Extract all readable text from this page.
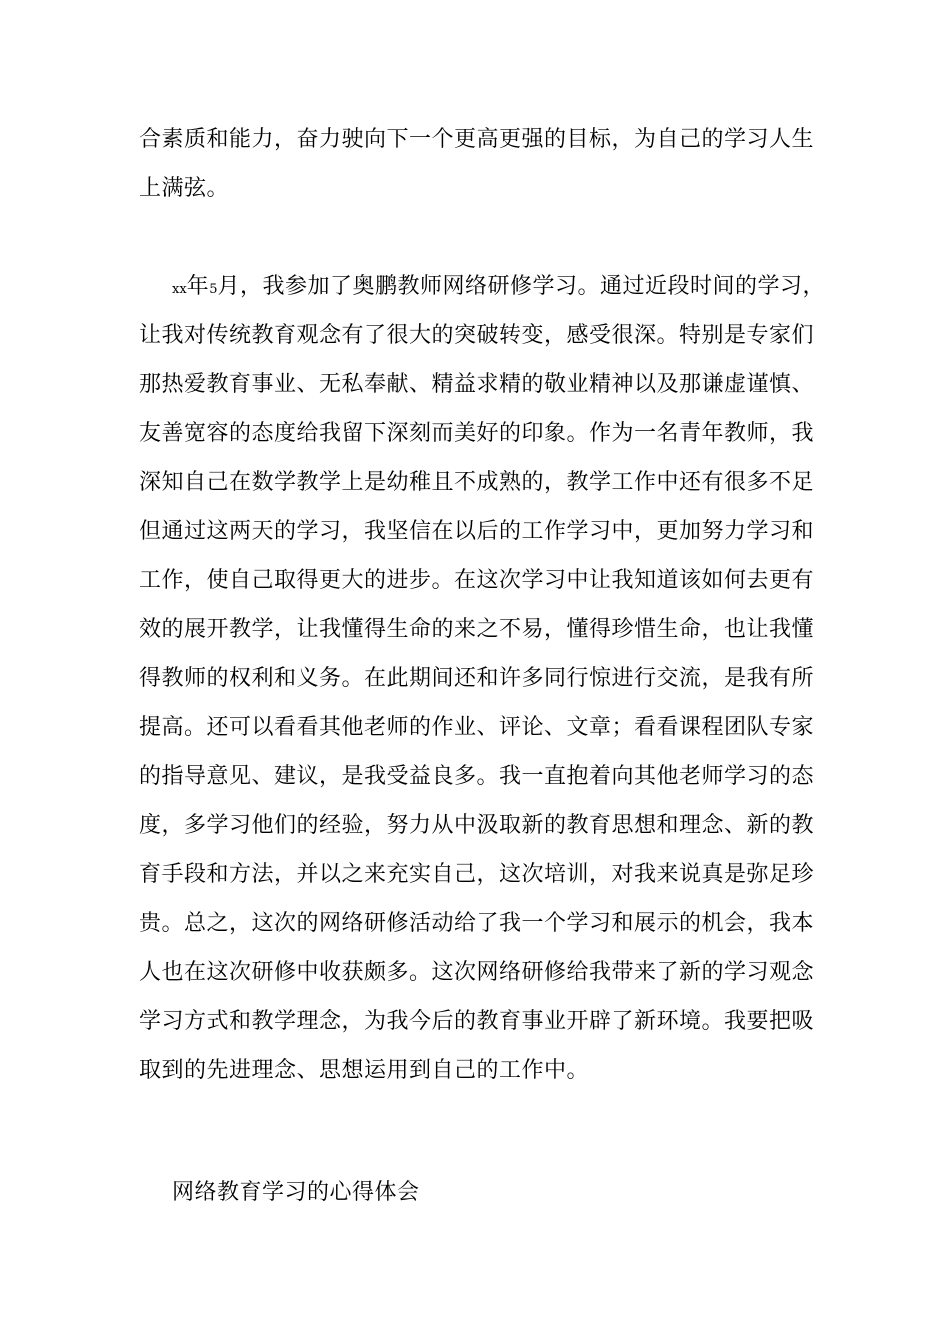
合素质和能力，奋力驶向下一个更高更强的目标，为自己的学习人生
上满弦。
xx年5月，我参加了奥鹏教师网络研修学习。通过近段时间的学习，
让我对传统教育观念有了很大的突破转变，感受很深。特别是专家们
那热爱教育事业、无私奉献、精益求精的敬业精神以及那谦虚谨慎、
友善宽容的态度给我留下深刻而美好的印象。作为一名青年教师，我
深知自己在数学教学上是幼稚且不成熟的，教学工作中还有很多不足
但通过这两天的学习，我坚信在以后的工作学习中，更加努力学习和
工作，使自己取得更大的进步。在这次学习中让我知道该如何去更有
效的展开教学，让我懂得生命的来之不易，懂得珍惜生命，也让我懂
得教师的权利和义务。在此期间还和许多同行惊进行交流，是我有所
提高。还可以看看其他老师的作业、评论、文章；看看课程团队专家
的指导意见、建议，是我受益良多。我一直抱着向其他老师学习的态
度，多学习他们的经验，努力从中汲取新的教育思想和理念、新的教
育手段和方法，并以之来充实自己，这次培训，对我来说真是弥足珍
贵。总之，这次的网络研修活动给了我一个学习和展示的机会，我本
人也在这次研修中收获颇多。这次网络研修给我带来了新的学习观念
学习方式和教学理念，为我今后的教育事业开辟了新环境。我要把吸
取到的先进理念、思想运用到自己的工作中。
网络教育学习的心得体会
